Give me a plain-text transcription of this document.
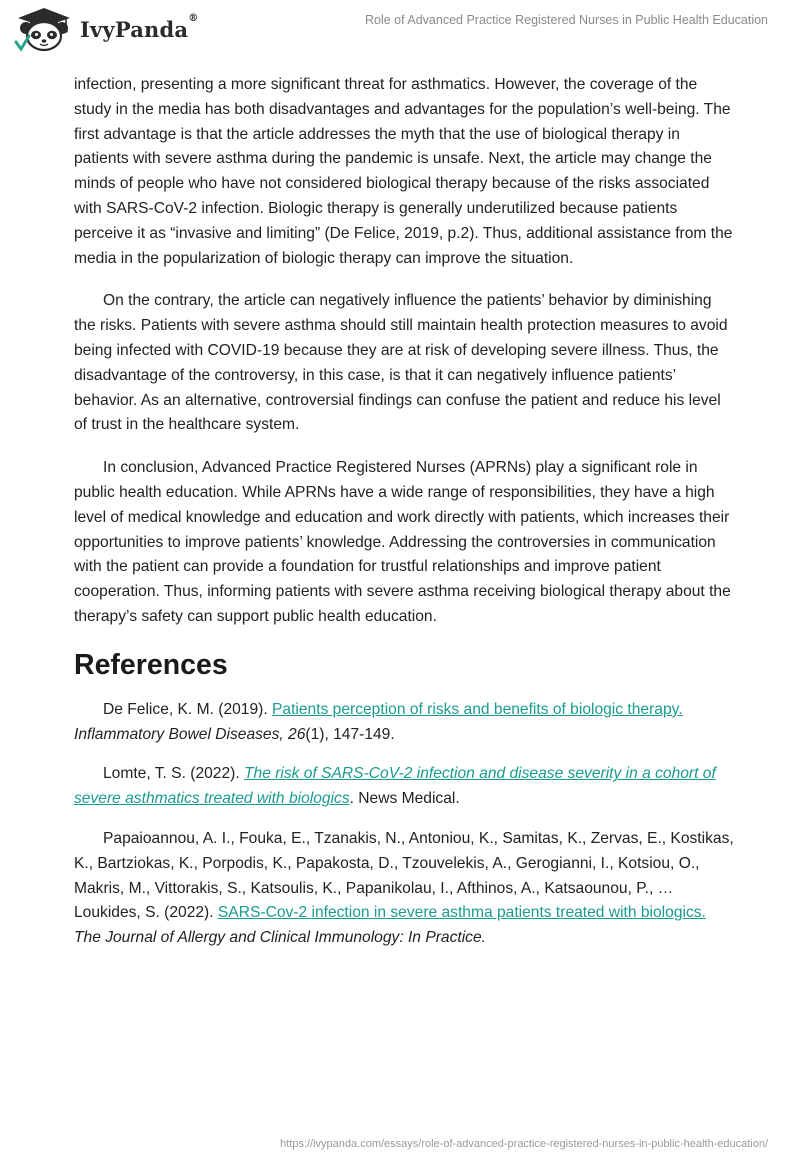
IvyPanda®	Role of Advanced Practice Registered Nurses in Public Health Education

infection, presenting a more significant threat for asthmatics. However, the coverage of the study in the media has both disadvantages and advantages for the population’s well-being. The first advantage is that the article addresses the myth that the use of biological therapy in patients with severe asthma during the pandemic is unsafe. Next, the article may change the minds of people who have not considered biological therapy because of the risks associated with SARS-CoV-2 infection. Biologic therapy is generally underutilized because patients perceive it as “invasive and limiting” (De Felice, 2019, p.2). Thus, additional assistance from the media in the popularization of biologic therapy can improve the situation.

On the contrary, the article can negatively influence the patients’ behavior by diminishing the risks. Patients with severe asthma should still maintain health protection measures to avoid being infected with COVID-19 because they are at risk of developing severe illness. Thus, the disadvantage of the controversy, in this case, is that it can negatively influence patients’ behavior. As an alternative, controversial findings can confuse the patient and reduce his level of trust in the healthcare system.

In conclusion, Advanced Practice Registered Nurses (APRNs) play a significant role in public health education. While APRNs have a wide range of responsibilities, they have a high level of medical knowledge and education and work directly with patients, which increases their opportunities to improve patients’ knowledge. Addressing the controversies in communication with the patient can provide a foundation for trustful relationships and improve patient cooperation. Thus, informing patients with severe asthma receiving biological therapy about the therapy’s safety can support public health education.

References

De Felice, K. M. (2019). Patients perception of risks and benefits of biologic therapy. Inflammatory Bowel Diseases, 26(1), 147-149.

Lomte, T. S. (2022). The risk of SARS-CoV-2 infection and disease severity in a cohort of severe asthmatics treated with biologics. News Medical.

Papaioannou, A. I., Fouka, E., Tzanakis, N., Antoniou, K., Samitas, K., Zervas, E., Kostikas, K., Bartziokas, K., Porpodis, K., Papakosta, D., Tzouvelekis, A., Gerogianni, I., Kotsiou, O., Makris, M., Vittorakis, S., Katsoulis, K., Papanikolau, I., Afthinos, A., Katsaounou, P., … Loukides, S. (2022). SARS-Cov-2 infection in severe asthma patients treated with biologics. The Journal of Allergy and Clinical Immunology: In Practice.

https://ivypanda.com/essays/role-of-advanced-practice-registered-nurses-in-public-health-education/
